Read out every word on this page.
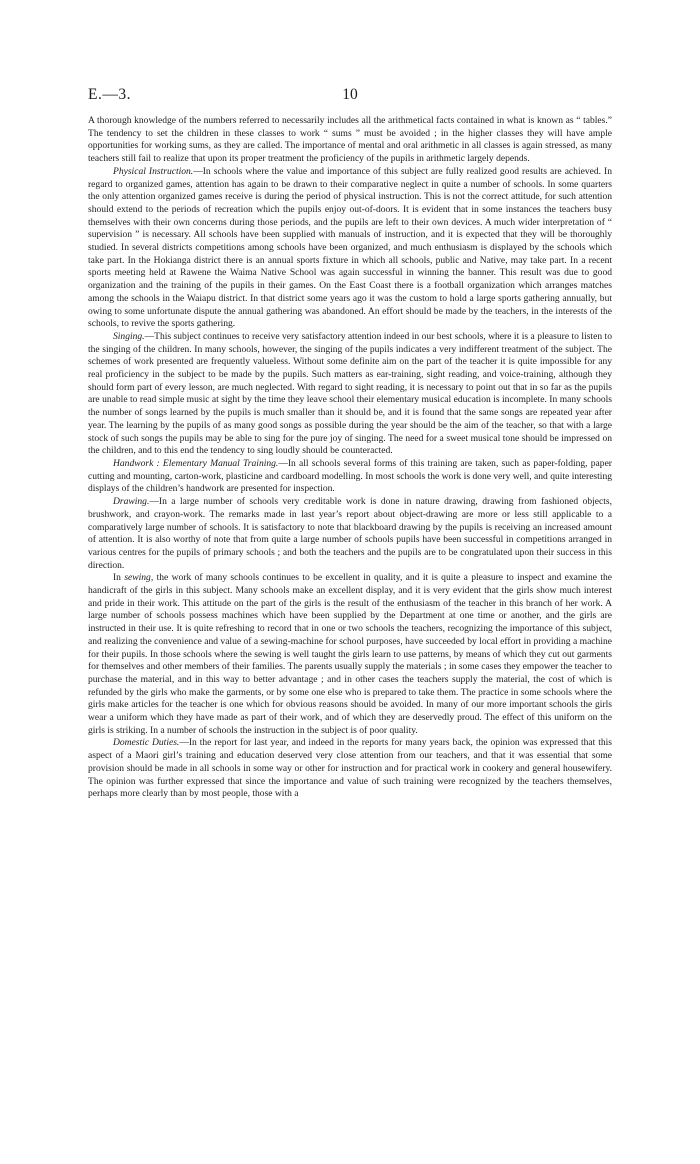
E.—3.	10

A thorough knowledge of the numbers referred to necessarily includes all the arithmetical facts contained in what is known as “ tables.” The tendency to set the children in these classes to work “ sums ” must be avoided ; in the higher classes they will have ample opportunities for working sums, as they are called. The importance of mental and oral arithmetic in all classes is again stressed, as many teachers still fail to realize that upon its proper treatment the proficiency of the pupils in arithmetic largely depends.

Physical Instruction.—In schools where the value and importance of this subject are fully realized good results are achieved. In regard to organized games, attention has again to be drawn to their comparative neglect in quite a number of schools. In some quarters the only attention organized games receive is during the period of physical instruction. This is not the correct attitude, for such attention should extend to the periods of recreation which the pupils enjoy out-of-doors. It is evident that in some instances the teachers busy themselves with their own concerns during those periods, and the pupils are left to their own devices. A much wider interpretation of “ supervision ” is necessary. All schools have been supplied with manuals of instruction, and it is expected that they will be thoroughly studied. In several districts competitions among schools have been organized, and much enthusiasm is displayed by the schools which take part. In the Hokianga district there is an annual sports fixture in which all schools, public and Native, may take part. In a recent sports meeting held at Rawene the Waima Native School was again successful in winning the banner. This result was due to good organization and the training of the pupils in their games. On the East Coast there is a football organization which arranges matches among the schools in the Waiapu district. In that district some years ago it was the custom to hold a large sports gathering annually, but owing to some unfortunate dispute the annual gathering was abandoned. An effort should be made by the teachers, in the interests of the schools, to revive the sports gathering.

Singing.—This subject continues to receive very satisfactory attention indeed in our best schools, where it is a pleasure to listen to the singing of the children. In many schools, however, the singing of the pupils indicates a very indifferent treatment of the subject. The schemes of work presented are frequently valueless. Without some definite aim on the part of the teacher it is quite impossible for any real proficiency in the subject to be made by the pupils. Such matters as ear-training, sight reading, and voice-training, although they should form part of every lesson, are much neglected. With regard to sight reading, it is necessary to point out that in so far as the pupils are unable to read simple music at sight by the time they leave school their elementary musical education is incomplete. In many schools the number of songs learned by the pupils is much smaller than it should be, and it is found that the same songs are repeated year after year. The learning by the pupils of as many good songs as possible during the year should be the aim of the teacher, so that with a large stock of such songs the pupils may be able to sing for the pure joy of singing. The need for a sweet musical tone should be impressed on the children, and to this end the tendency to sing loudly should be counteracted.

Handwork : Elementary Manual Training.—In all schools several forms of this training are taken, such as paper-folding, paper cutting and mounting, carton-work, plasticine and cardboard modelling. In most schools the work is done very well, and quite interesting displays of the children’s handwork are presented for inspection.

Drawing.—In a large number of schools very creditable work is done in nature drawing, drawing from fashioned objects, brushwork, and crayon-work. The remarks made in last year’s report about object-drawing are more or less still applicable to a comparatively large number of schools. It is satisfactory to note that blackboard drawing by the pupils is receiving an increased amount of attention. It is also worthy of note that from quite a large number of schools pupils have been successful in competitions arranged in various centres for the pupils of primary schools ; and both the teachers and the pupils are to be congratulated upon their success in this direction.

In sewing, the work of many schools continues to be excellent in quality, and it is quite a pleasure to inspect and examine the handicraft of the girls in this subject. Many schools make an excellent display, and it is very evident that the girls show much interest and pride in their work. This attitude on the part of the girls is the result of the enthusiasm of the teacher in this branch of her work. A large number of schools possess machines which have been supplied by the Department at one time or another, and the girls are instructed in their use. It is quite refreshing to record that in one or two schools the teachers, recognizing the importance of this subject, and realizing the convenience and value of a sewing-machine for school purposes, have succeeded by local effort in providing a machine for their pupils. In those schools where the sewing is well taught the girls learn to use patterns, by means of which they cut out garments for themselves and other members of their families. The parents usually supply the materials ; in some cases they empower the teacher to purchase the material, and in this way to better advantage ; and in other cases the teachers supply the material, the cost of which is refunded by the girls who make the garments, or by some one else who is prepared to take them. The practice in some schools where the girls make articles for the teacher is one which for obvious reasons should be avoided. In many of our more important schools the girls wear a uniform which they have made as part of their work, and of which they are deservedly proud. The effect of this uniform on the girls is striking. In a number of schools the instruction in the subject is of poor quality.

Domestic Duties.—In the report for last year, and indeed in the reports for many years back, the opinion was expressed that this aspect of a Maori girl’s training and education deserved very close attention from our teachers, and that it was essential that some provision should be made in all schools in some way or other for instruction and for practical work in cookery and general housewifery. The opinion was further expressed that since the importance and value of such training were recognized by the teachers themselves, perhaps more clearly than by most people, those with a
